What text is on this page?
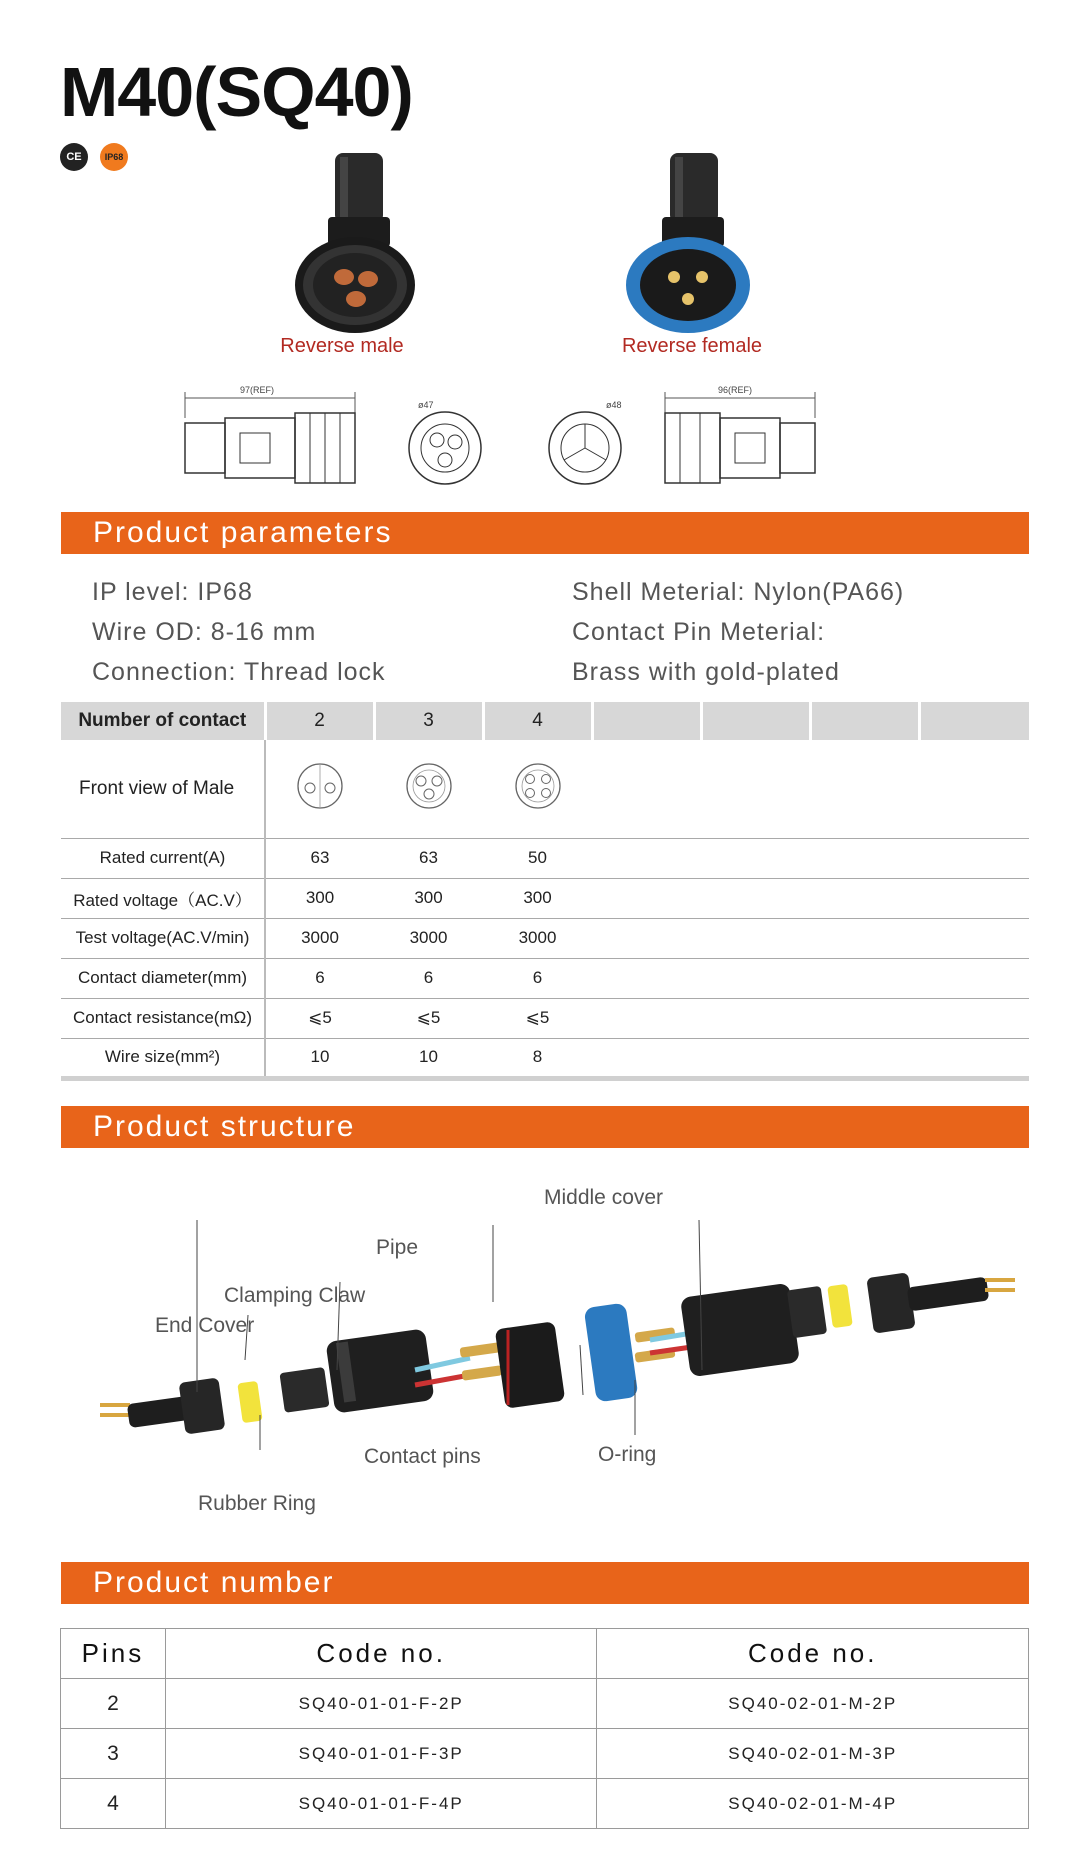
M40(SQ40)
CE	IP68
Reverse male	Reverse female
97(REF)
ø47	ø48
96(REF)
Product parameters
IP level: IP68
Wire OD: 8-16 mm
Connection: Thread lock
Shell Meterial: Nylon(PA66)
Contact Pin Meterial:
Brass with gold-plated
Number of contact	2	3	4				
Front view of Male							
Rated current(A)	63	63	50				
Rated voltage（AC.V）	300	300	300				
Test voltage(AC.V/min)	3000	3000	3000				
Contact diameter(mm)	6	6	6				
Contact resistance(mΩ)	⩽5	⩽5	⩽5				
Wire size(mm²)	10	10	8				
Product structure
Middle cover
Pipe
Clamping Claw
End Cover
Contact pins	O-ring
Rubber Ring
Product number
Pins	Code no.	Code no.
2	SQ40-01-01-F-2P	SQ40-02-01-M-2P
3	SQ40-01-01-F-3P	SQ40-02-01-M-3P
4	SQ40-01-01-F-4P	SQ40-02-01-M-4P
